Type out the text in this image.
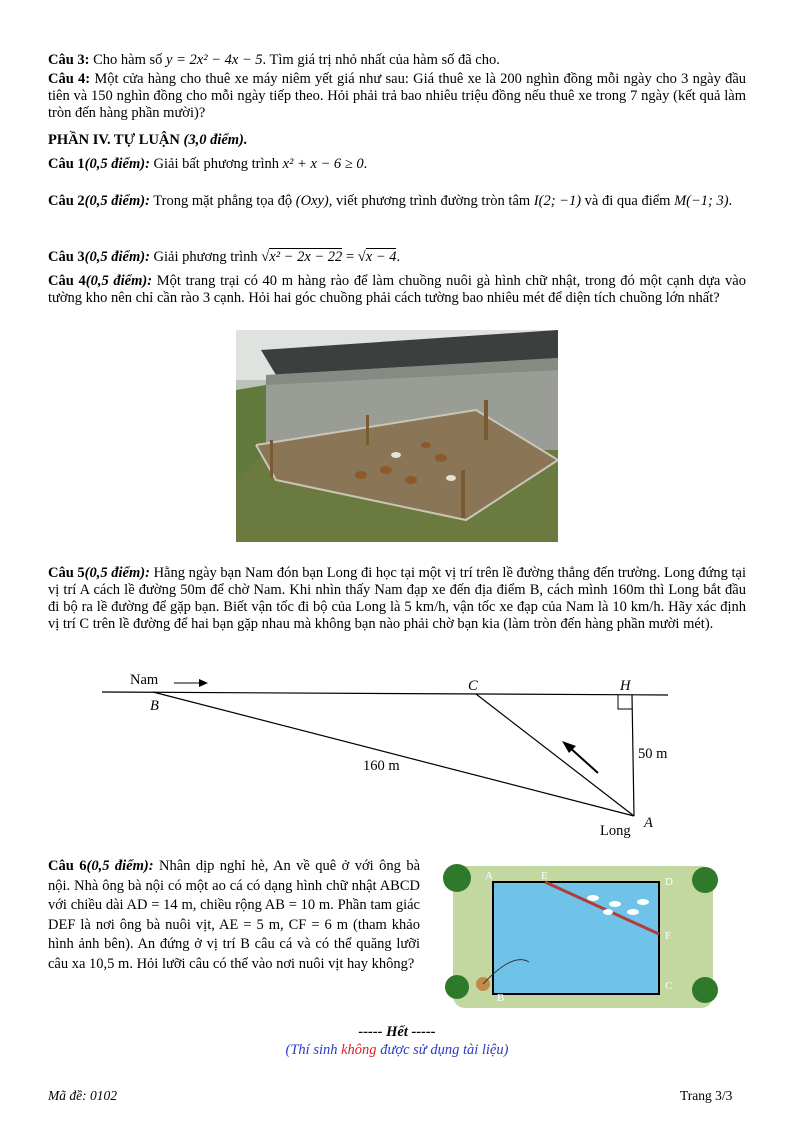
Câu 3: Cho hàm số y = 2x² − 4x − 5. Tìm giá trị nhỏ nhất của hàm số đã cho.
Câu 4: Một cửa hàng cho thuê xe máy niêm yết giá như sau: Giá thuê xe là 200 nghìn đồng mỗi ngày cho 3 ngày đầu tiên và 150 nghìn đồng cho mỗi ngày tiếp theo. Hỏi phải trả bao nhiêu triệu đồng nếu thuê xe trong 7 ngày (kết quả làm tròn đến hàng phần mười)?
PHẦN IV. TỰ LUẬN (3,0 điểm).
Câu 1(0,5 điểm): Giải bất phương trình x² + x − 6 ≥ 0.
Câu 2(0,5 điểm): Trong mặt phẳng tọa độ (Oxy), viết phương trình đường tròn tâm I(2; −1) và đi qua điểm M(−1; 3).
Câu 3(0,5 điểm): Giải phương trình √x² − 2x − 22 = √x − 4.
Câu 4(0,5 điểm): Một trang trại có 40 m hàng rào để làm chuồng nuôi gà hình chữ nhật, trong đó một cạnh dựa vào tường kho nên chỉ cần rào 3 cạnh. Hỏi hai góc chuồng phải cách tường bao nhiêu mét để diện tích chuồng lớn nhất?
Câu 5(0,5 điểm): Hằng ngày bạn Nam đón bạn Long đi học tại một vị trí trên lề đường thẳng đến trường. Long đứng tại vị trí A cách lề đường 50m để chờ Nam. Khi nhìn thấy Nam đạp xe đến địa điểm B, cách mình 160m thì Long bắt đầu đi bộ ra lề đường để gặp bạn. Biết vận tốc đi bộ của Long là 5 km/h, vận tốc xe đạp của Nam là 10 km/h. Hãy xác định vị trí C trên lề đường để hai bạn gặp nhau mà không bạn nào phải chờ bạn kia (làm tròn đến hàng phần mười mét).
Nam
B
C	H
160 m
50 m
Long A
Câu 6(0,5 điểm): Nhân dịp nghỉ hè, An về quê ở với ông bà nội. Nhà ông bà nội có một ao cá có dạng hình chữ nhật ABCD với chiều dài AD = 14 m, chiều rộng AB = 10 m. Phần tam giác DEF là nơi ông bà nuôi vịt, AE = 5 m, CF = 6 m (tham khảo hình ảnh bên). An đứng ở vị trí B câu cá và có thể quăng lưỡi câu xa 10,5 m. Hỏi lưỡi câu có thể vào nơi nuôi vịt hay không?
A	E	D
F
B
C
----- Hết -----
(Thí sinh không được sử dụng tài liệu)
Mã đề: 0102	Trang 3/3
